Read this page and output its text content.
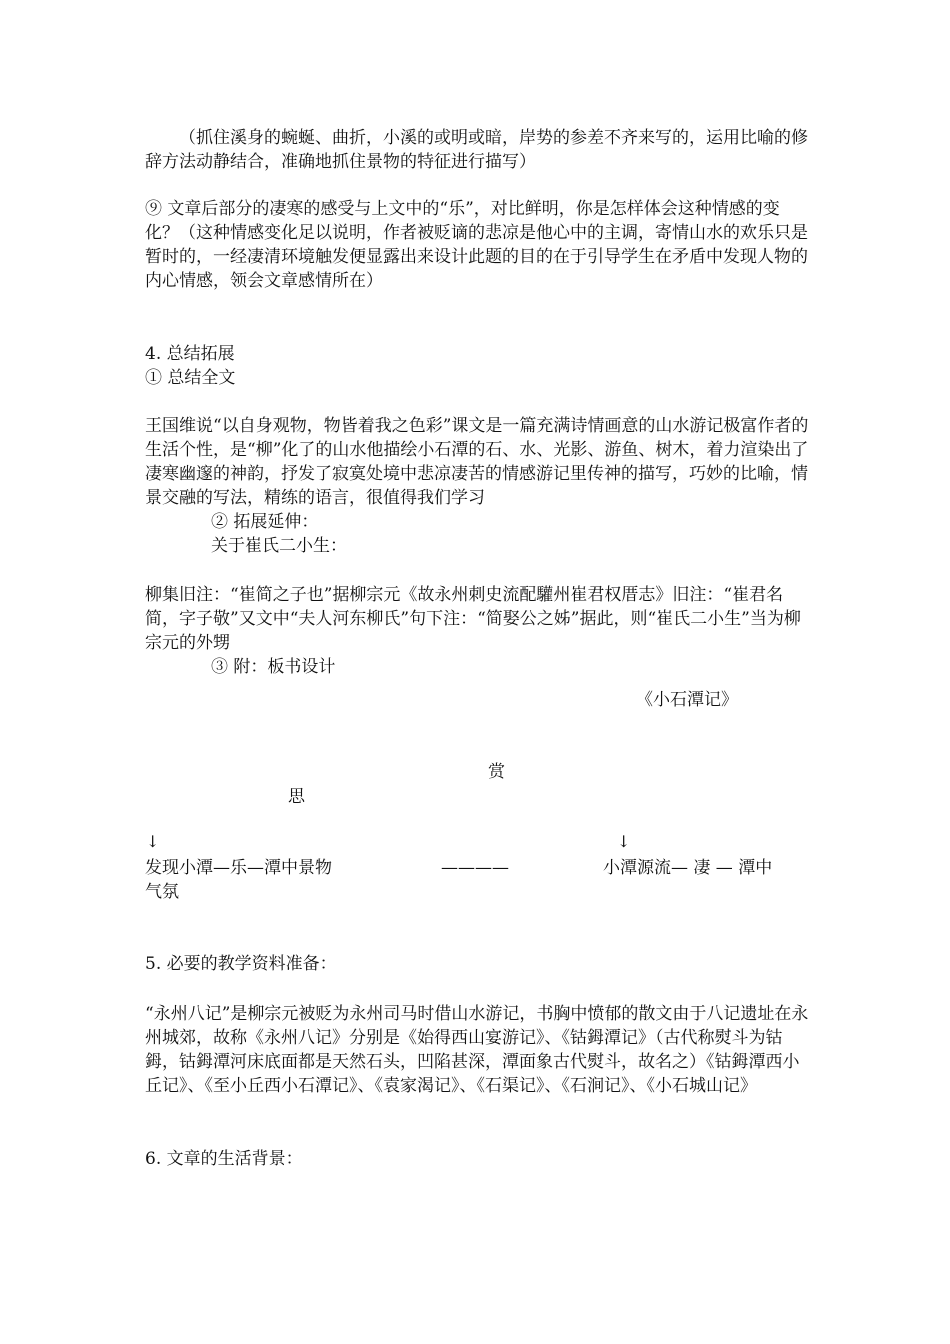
（抓住溪身的蜿蜒、曲折，小溪的或明或暗，岸势的参差不齐来写的，运用比喻的修辞方法动静结合，准确地抓住景物的特征进行描写）

⑨ 文章后部分的凄寒的感受与上文中的“乐”，对比鲜明，你是怎样体会这种情感的变化？（这种情感变化足以说明，作者被贬谪的悲凉是他心中的主调，寄情山水的欢乐只是暂时的，一经凄清环境触发便显露出来设计此题的目的在于引导学生在矛盾中发现人物的内心情感，领会文章感情所在）

4. 总结拓展

① 总结全文

王国维说“以自身观物，物皆着我之色彩”课文是一篇充满诗情画意的山水游记极富作者的生活个性，是“柳”化了的山水他描绘小石潭的石、水、光影、游鱼、树木，着力渲染出了凄寒幽邃的神韵，抒发了寂寞处境中悲凉凄苦的情感游记里传神的描写，巧妙的比喻，情景交融的写法，精练的语言，很值得我们学习

② 拓展延伸：

关于崔氏二小生：

柳集旧注：“崔简之子也”据柳宗元《故永州刺史流配驩州崔君权厝志》旧注：“崔君名简，字子敬”又文中“夫人河东柳氏”句下注：“简娶公之姊”据此，则“崔氏二小生”当为柳宗元的外甥

③ 附：板书设计

《小石潭记》

赏

思

↓	↓

发现小潭—乐—潭中景物	————	小潭源流— 凄 — 潭中

气氛

5. 必要的教学资料准备：

“永州八记”是柳宗元被贬为永州司马时借山水游记，书胸中愤郁的散文由于八记遗址在永州城郊，故称《永州八记》分别是《始得西山宴游记》、《钴鉧潭记》（古代称熨斗为钴鉧，钴鉧潭河床底面都是天然石头，凹陷甚深，潭面象古代熨斗，故名之）《钴鉧潭西小丘记》、《至小丘西小石潭记》、《袁家渴记》、《石渠记》、《石涧记》、《小石城山记》

6. 文章的生活背景：
